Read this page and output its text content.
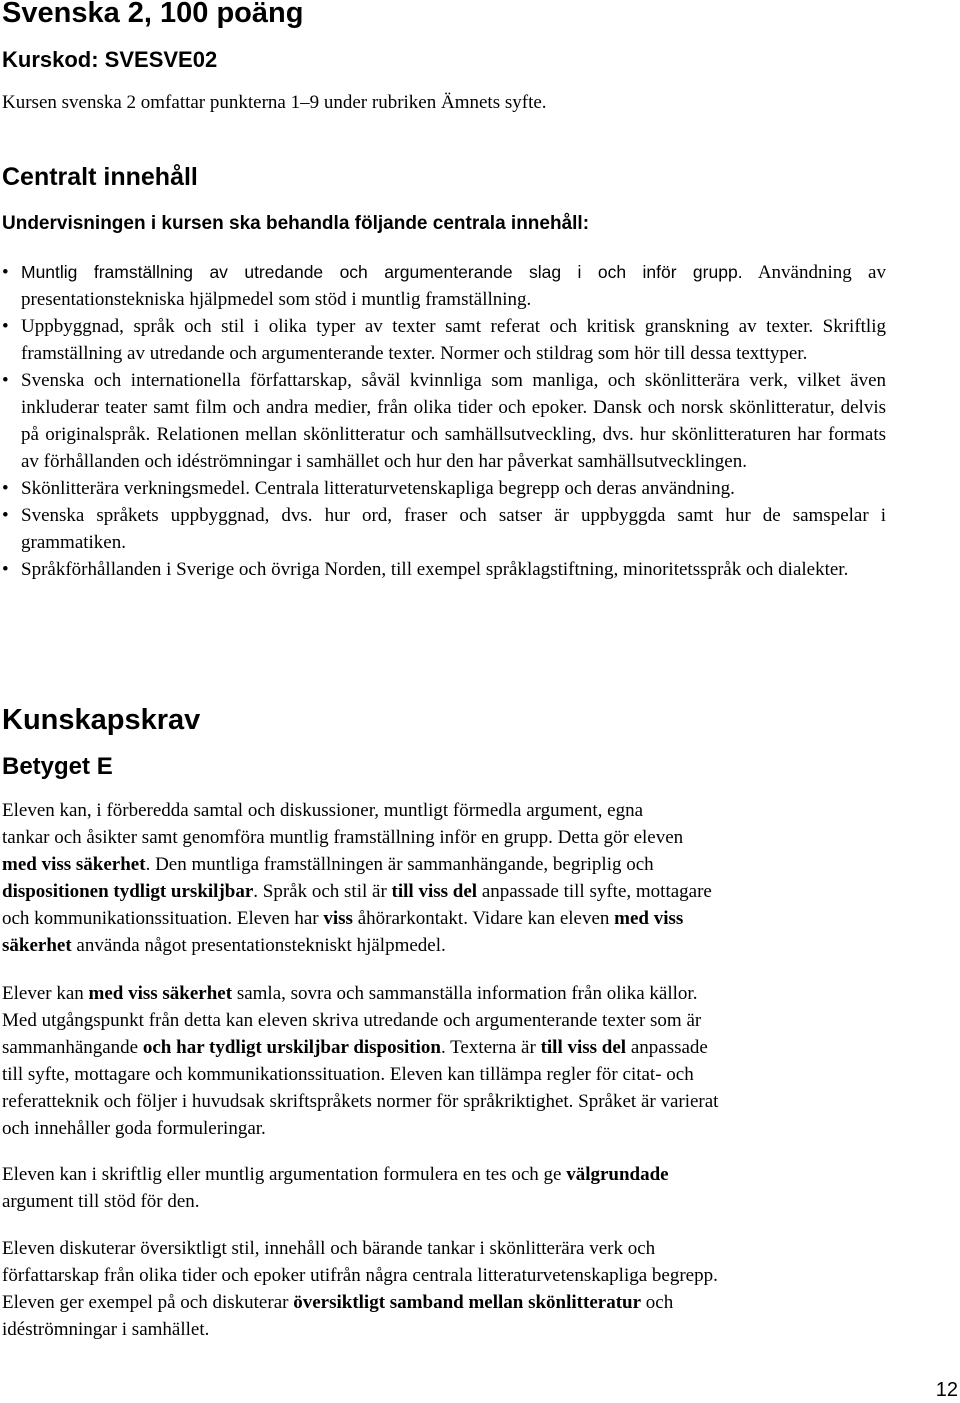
Svenska 2, 100 poäng
Kurskod: SVESVE02

Kursen svenska 2 omfattar punkterna 1–9 under rubriken Ämnets syfte.

Centralt innehåll

Undervisningen i kursen ska behandla följande centrala innehåll:

• Muntlig framställning av utredande och argumenterande slag i och inför grupp. Användning av presentationstekniska hjälpmedel som stöd i muntlig framställning.
• Uppbyggnad, språk och stil i olika typer av texter samt referat och kritisk granskning av texter. Skriftlig framställning av utredande och argumenterande texter. Normer och stildrag som hör till dessa texttyper.
• Svenska och internationella författarskap, såväl kvinnliga som manliga, och skönlitterära verk, vilket även inkluderar teater samt film och andra medier, från olika tider och epoker. Dansk och norsk skönlitteratur, delvis på originalspråk. Relationen mellan skönlitteratur och samhällsutveckling, dvs. hur skönlitteraturen har formats av förhållanden och idéströmningar i samhället och hur den har påverkat samhällsutvecklingen.
• Skönlitterära verkningsmedel. Centrala litteraturvetenskapliga begrepp och deras användning.
• Svenska språkets uppbyggnad, dvs. hur ord, fraser och satser är uppbyggda samt hur de samspelar i grammatiken.
• Språkförhållanden i Sverige och övriga Norden, till exempel språklagstiftning, minoritetsspråk och dialekter.
Kunskapskrav
Betyget E
Eleven kan, i förberedda samtal och diskussioner, muntligt förmedla argument, egna
tankar och åsikter samt genomföra muntlig framställning inför en grupp. Detta gör eleven
med viss säkerhet. Den muntliga framställningen är sammanhängande, begriplig och
dispositionen tydligt urskiljbar. Språk och stil är till viss del anpassade till syfte, mottagare
och kommunikationssituation. Eleven har viss åhörarkontakt. Vidare kan eleven med viss
säkerhet använda något presentationstekniskt hjälpmedel.
Elever kan med viss säkerhet samla, sovra och sammanställa information från olika källor.
Med utgångspunkt från detta kan eleven skriva utredande och argumenterande texter som är
sammanhängande och har tydligt urskiljbar disposition. Texterna är till viss del anpassade
till syfte, mottagare och kommunikationssituation. Eleven kan tillämpa regler för citat- och
referatteknik och följer i huvudsak skriftspråkets normer för språkriktighet. Språket är varierat
och innehåller goda formuleringar.
Eleven kan i skriftlig eller muntlig argumentation formulera en tes och ge välgrundade
argument till stöd för den.
Eleven diskuterar översiktligt stil, innehåll och bärande tankar i skönlitterära verk och
författarskap från olika tider och epoker utifrån några centrala litteraturvetenskapliga begrepp.
Eleven ger exempel på och diskuterar översiktligt samband mellan skönlitteratur och
idéströmningar i samhället.
12
